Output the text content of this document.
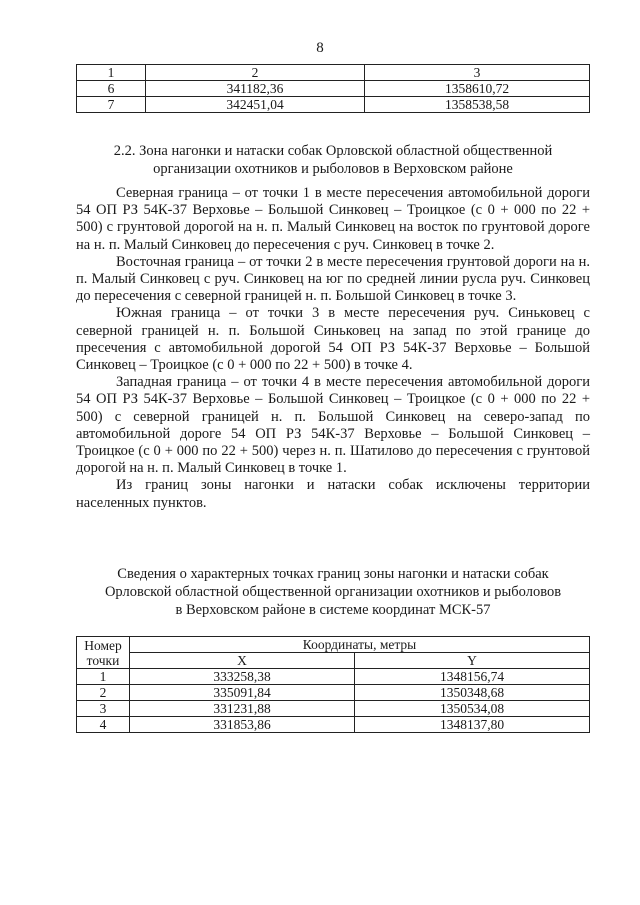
8
1	2	3
6	341182,36	1358610,72
7	342451,04	1358538,58
2.2. Зона нагонки и натаски собак Орловской областной общественной
организации охотников и рыболовов в Верховском районе

Северная граница – от точки 1 в месте пересечения автомобильной дороги 54 ОП РЗ 54К-37 Верховье – Большой Синковец – Троицкое (с 0 + 000 по 22 + 500) с грунтовой дорогой на н. п. Малый Синковец на восток по грунтовой дороге на н. п. Малый Синковец до пересечения с руч. Синковец в точке 2.

Восточная граница – от точки 2 в месте пересечения грунтовой дороги на н. п. Малый Синковец с руч. Синковец на юг по средней линии русла руч. Синковец до пересечения с северной границей н. п. Большой Синковец в точке 3.

Южная граница – от точки 3 в месте пересечения руч. Синьковец с северной границей н. п. Большой Синьковец на запад по этой границе до пресечения с автомобильной дорогой 54 ОП РЗ 54К-37 Верховье – Большой Синковец – Троицкое (с 0 + 000 по 22 + 500) в точке 4.

Западная граница – от точки 4 в месте пересечения автомобильной дороги 54 ОП РЗ 54К-37 Верховье – Большой Синковец – Троицкое (с 0 + 000 по 22 + 500) с северной границей н. п. Большой Синковец на северо-запад по автомобильной дороге 54 ОП РЗ 54К-37 Верховье – Большой Синковец – Троицкое (с 0 + 000 по 22 + 500) через н. п. Шатилово до пересечения с грунтовой дорогой на н. п. Малый Синковец в точке 1.

Из границ зоны нагонки и натаски собак исключены территории населенных пунктов.

Сведения о характерных точках границ зоны нагонки и натаски собак
Орловской областной общественной организации охотников и рыболовов
в Верховском районе в системе координат МСК-57
Номер
точки	Координаты, метры	
	X	Y
1	333258,38	1348156,74
2	335091,84	1350348,68
3	331231,88	1350534,08
4	331853,86	1348137,80
